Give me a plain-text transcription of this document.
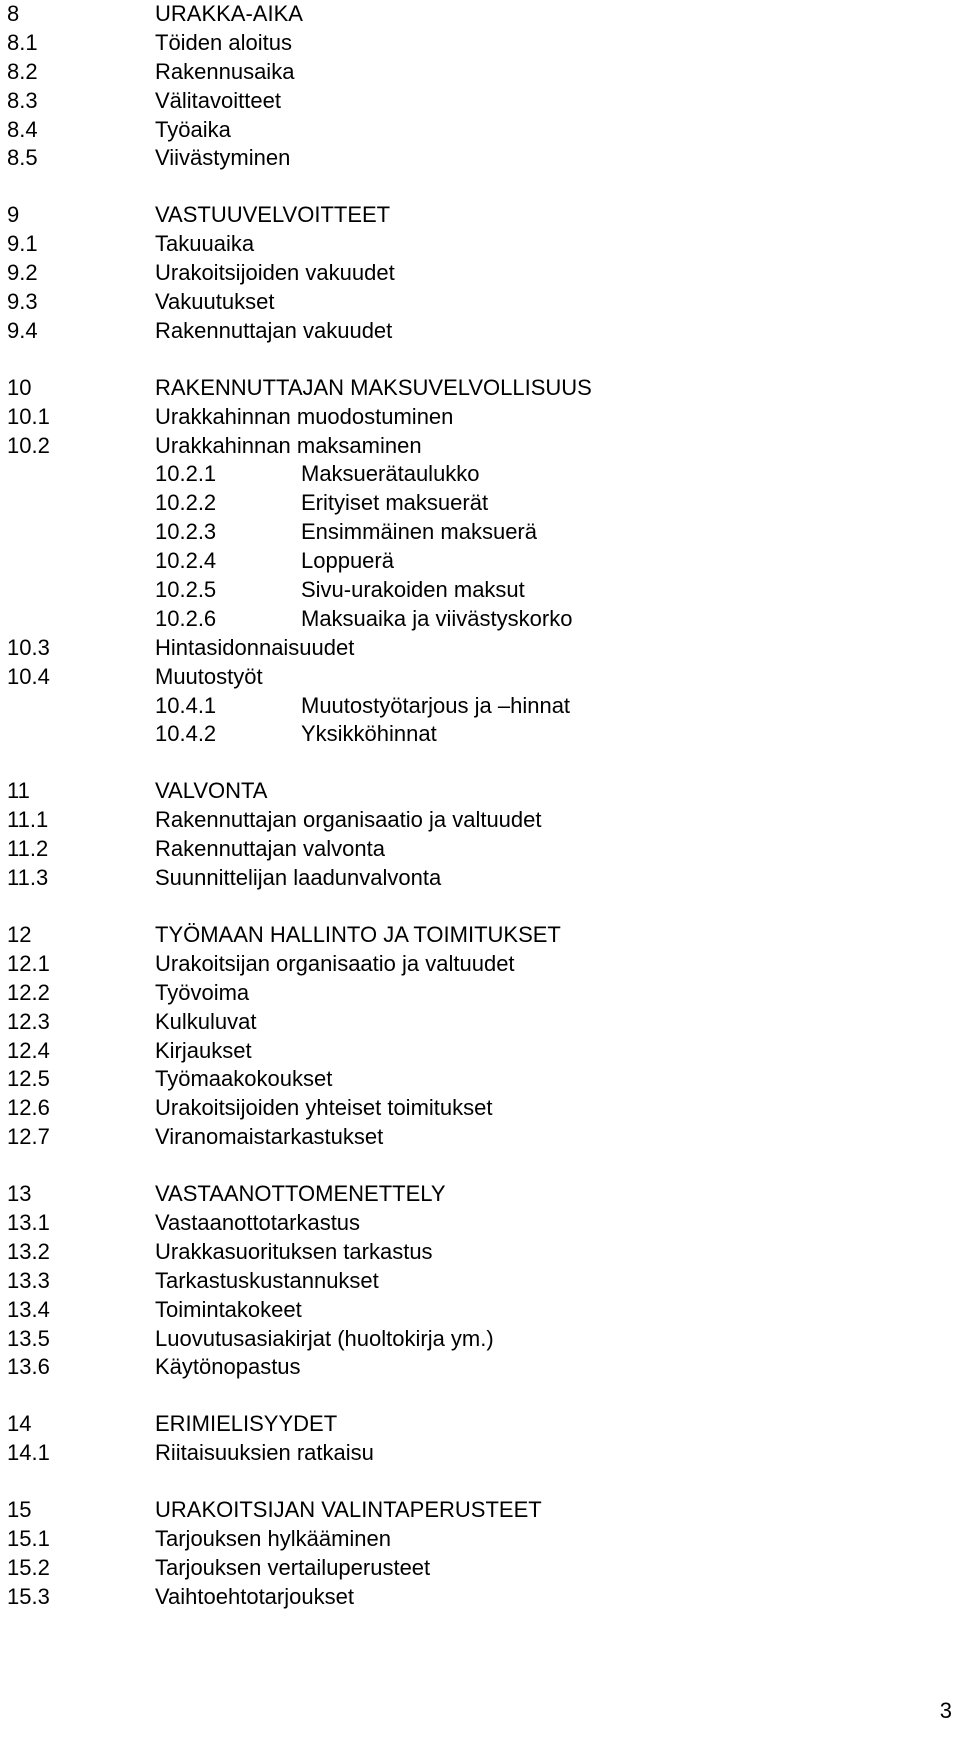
8	URAKKA-AIKA
8.1	Töiden aloitus
8.2	Rakennusaika
8.3	Välitavoitteet
8.4	Työaika
8.5	Viivästyminen
9	VASTUUVELVOITTEET
9.1	Takuuaika
9.2	Urakoitsijoiden vakuudet
9.3	Vakuutukset
9.4	Rakennuttajan vakuudet
10	RAKENNUTTAJAN MAKSUVELVOLLISUUS
10.1	Urakkahinnan muodostuminen
10.2	Urakkahinnan maksaminen
10.2.1	Maksuerätaulukko
10.2.2	Erityiset maksuerät
10.2.3	Ensimmäinen maksuerä
10.2.4	Loppuerä
10.2.5	Sivu-urakoiden maksut
10.2.6	Maksuaika ja viivästyskorko
10.3	Hintasidonnaisuudet
10.4	Muutostyöt
10.4.1	Muutostyötarjous ja –hinnat
10.4.2	Yksikköhinnat
11	VALVONTA
11.1	Rakennuttajan organisaatio ja valtuudet
11.2	Rakennuttajan valvonta
11.3	Suunnittelijan laadunvalvonta
12	TYÖMAAN HALLINTO JA TOIMITUKSET
12.1	Urakoitsijan organisaatio ja valtuudet
12.2	Työvoima
12.3	Kulkuluvat
12.4	Kirjaukset
12.5	Työmaakokoukset
12.6	Urakoitsijoiden yhteiset toimitukset
12.7	Viranomaistarkastukset
13	VASTAANOTTOMENETTELY
13.1	Vastaanottotarkastus
13.2	Urakkasuorituksen tarkastus
13.3	Tarkastuskustannukset
13.4	Toimintakokeet
13.5	Luovutusasiakirjat (huoltokirja ym.)
13.6	Käytönopastus
14	ERIMIELISYYDET
14.1	Riitaisuuksien ratkaisu
15	URAKOITSIJAN VALINTAPERUSTEET
15.1	Tarjouksen hylkääminen
15.2	Tarjouksen vertailuperusteet
15.3	Vaihtoehtotarjoukset
3
